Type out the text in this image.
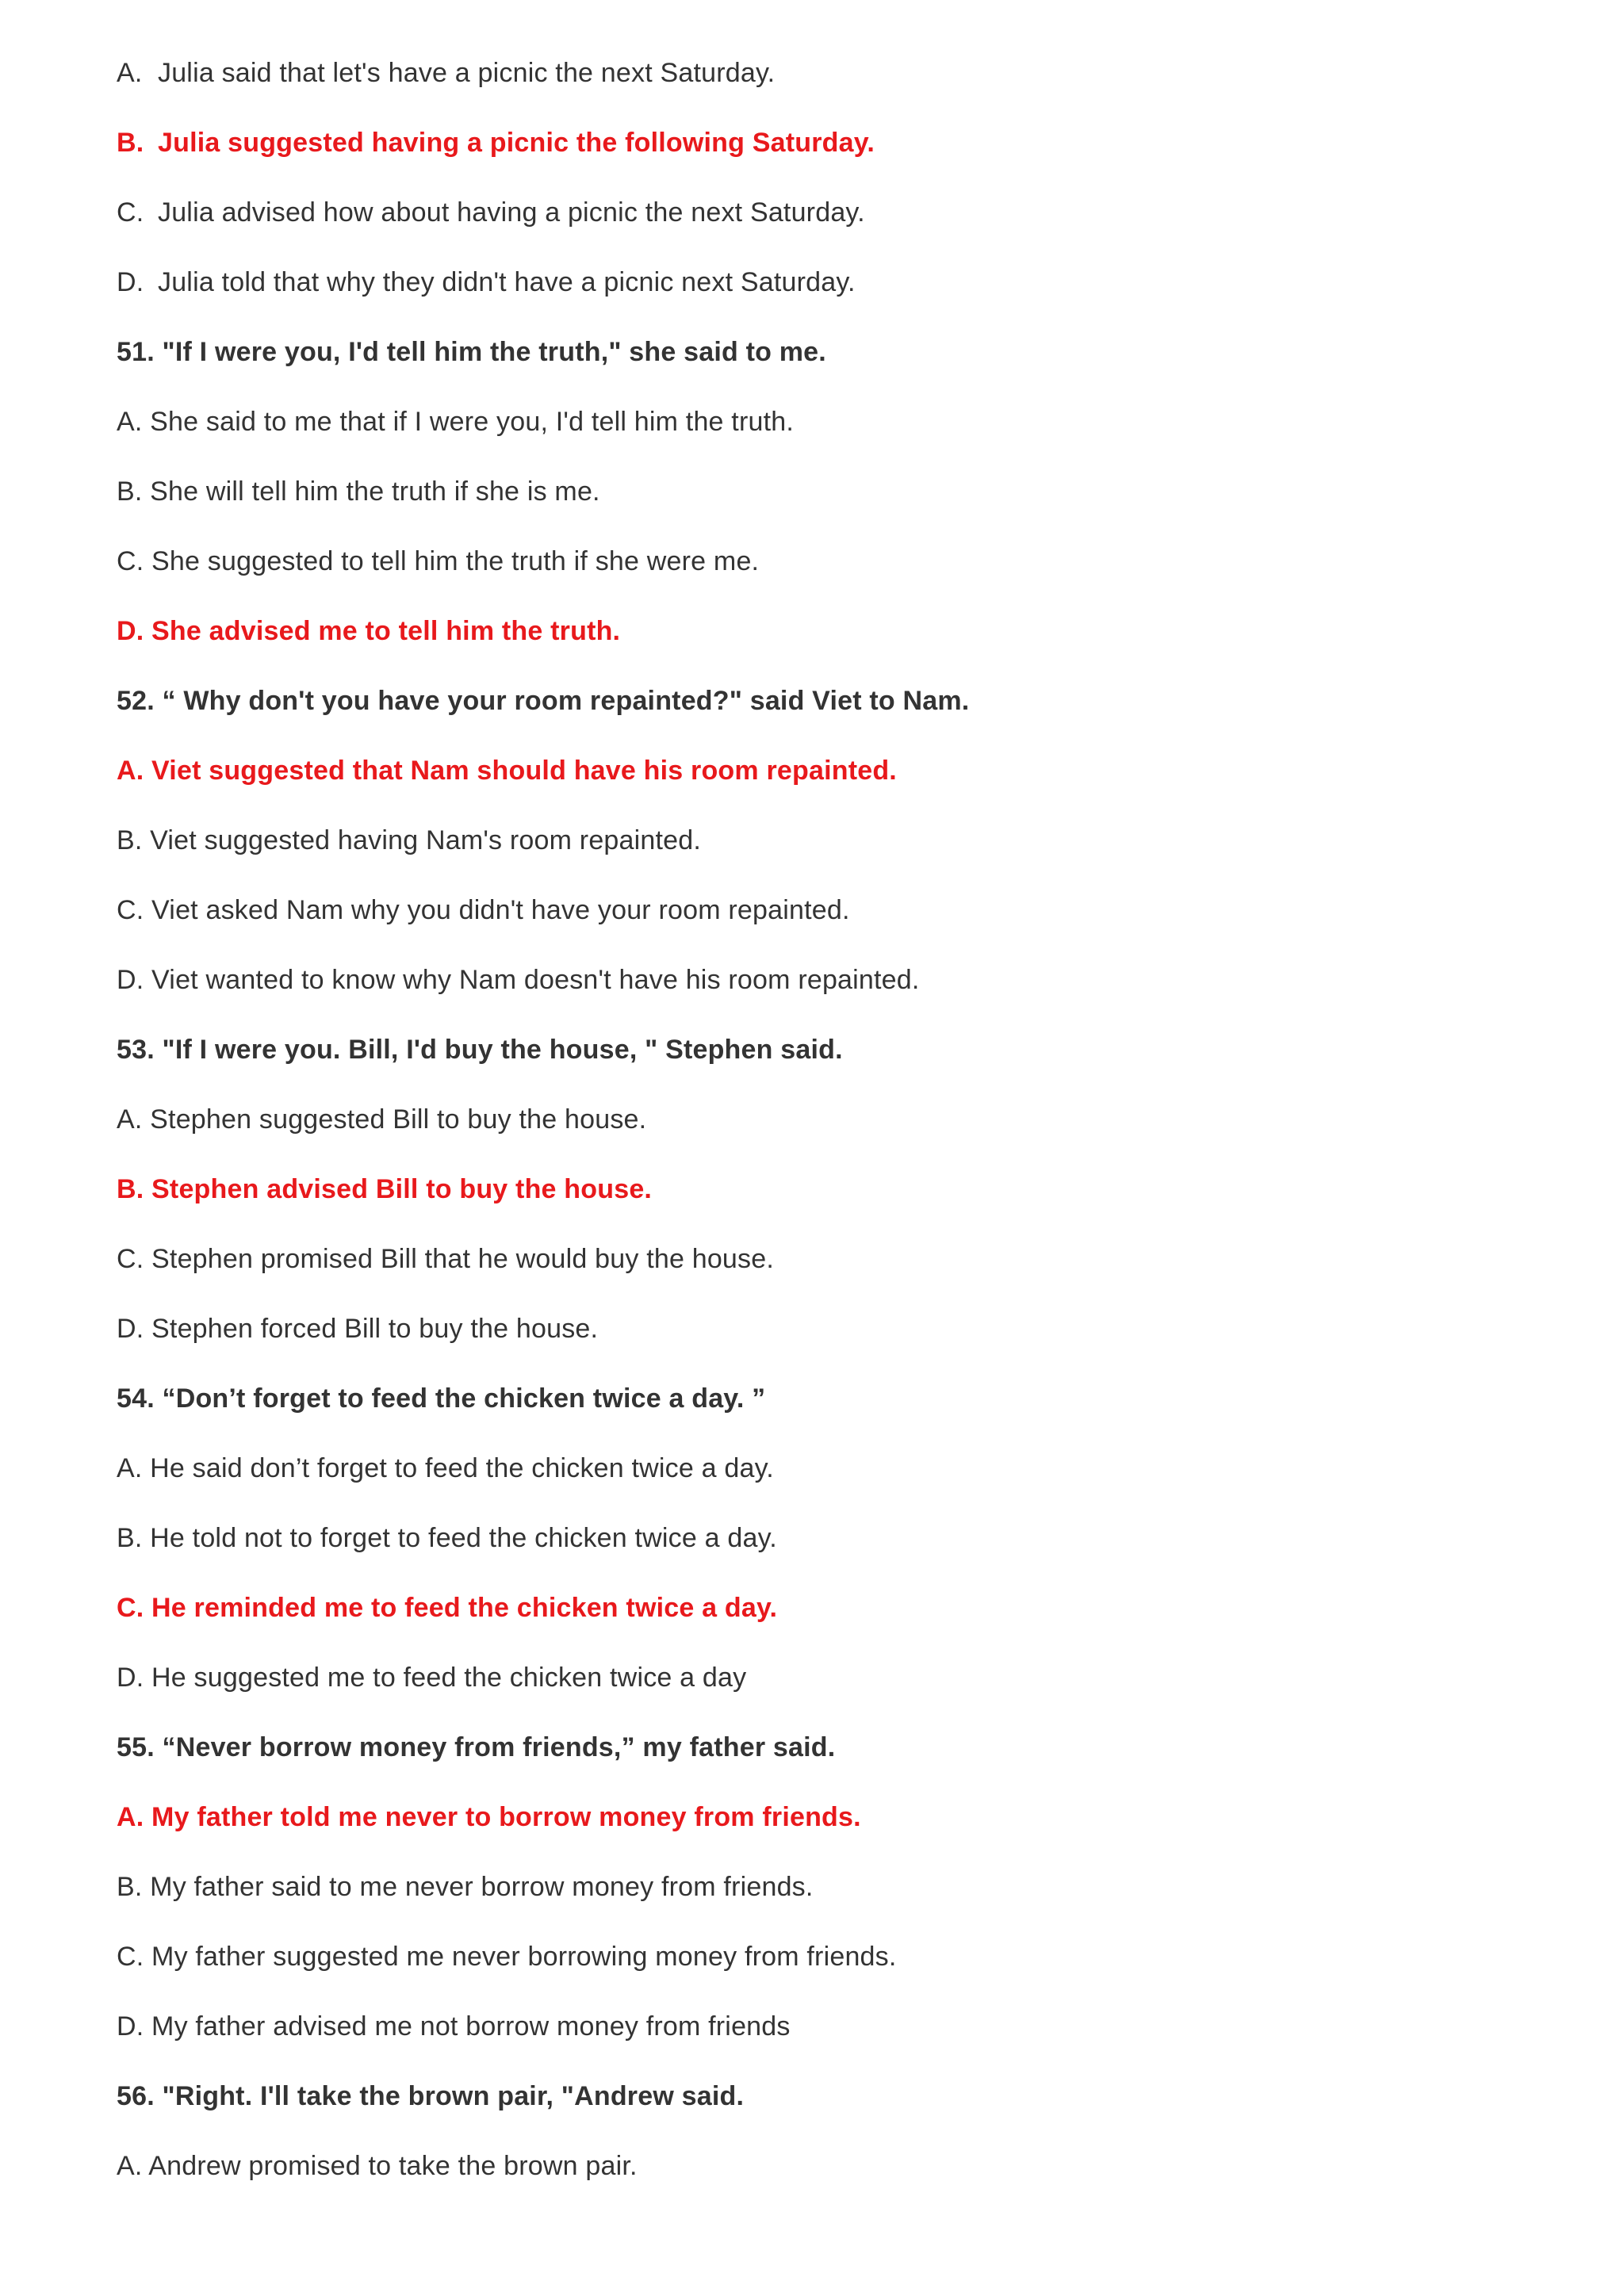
A. Julia said that let's have a picnic the next Saturday.
B. Julia suggested having a picnic the following Saturday.
C. Julia advised how about having a picnic the next Saturday.
D. Julia told that why they didn't have a picnic next Saturday.
51. "If I were you, I'd tell him the truth," she said to me.
A. She said to me that if I were you, I'd tell him the truth.
B. She will tell him the truth if she is me.
C. She suggested to tell him the truth if she were me.
D. She advised me to tell him the truth.
52. “ Why don't you have your room repainted?" said Viet to Nam.
A. Viet suggested that Nam should have his room repainted.
B. Viet suggested having Nam's room repainted.
C. Viet asked Nam why you didn't have your room repainted.
D. Viet wanted to know why Nam doesn't have his room repainted.
53. "If I were you. Bill, I'd buy the house, " Stephen said.
A. Stephen suggested Bill to buy the house.
B. Stephen advised Bill to buy the house.
C. Stephen promised Bill that he would buy the house.
D. Stephen forced Bill to buy the house.
54. “Don’t forget to feed the chicken twice a day. ”
A. He said don’t forget to feed the chicken twice a day.
B. He told not to forget to feed the chicken twice a day.
C. He reminded me to feed the chicken twice a day.
D. He suggested me to feed the chicken twice a day
55. “Never borrow money from friends,” my father said.
A. My father told me never to borrow money from friends.
B. My father said to me never borrow money from friends.
C. My father suggested me never borrowing money from friends.
D. My father advised me not borrow money from friends
56. "Right. I'll take the brown pair, "Andrew said.
A. Andrew promised to take the brown pair.
